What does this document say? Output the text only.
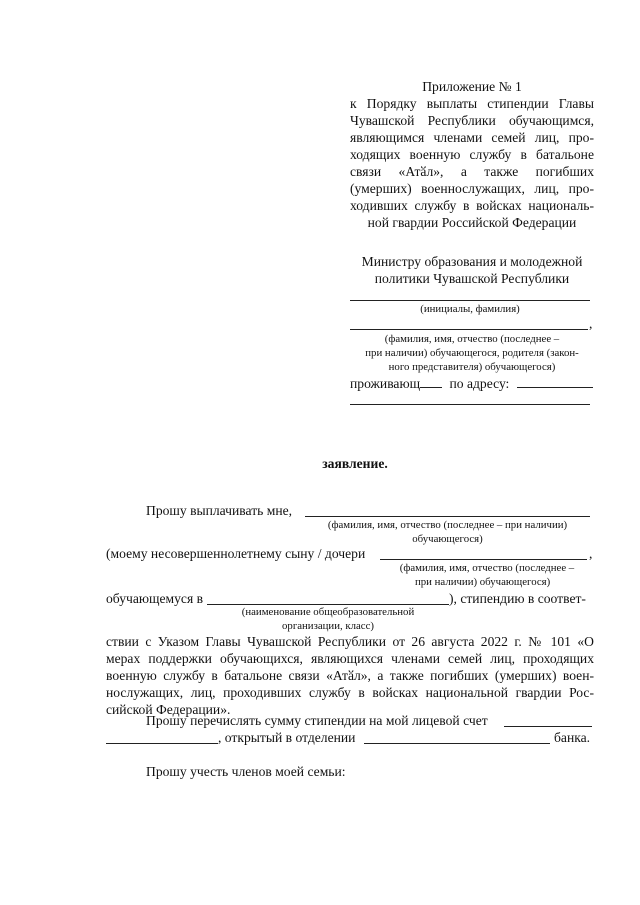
Приложение № 1
к Порядку выплаты стипендии Главы
Чувашской Республики обучающимся,
являющимся членами семей лиц, про-
ходящих военную службу в батальоне
связи «Атӑл», а также погибших
(умерших) военнослужащих, лиц, про-
ходивших службу в войсках националь-
ной гвардии Российской Федерации
Министру образования и молодежной
политики Чувашской Республики
(инициалы, фамилия)
,
(фамилия, имя, отчество (последнее –
при наличии) обучающегося, родителя (закон-
ного представителя) обучающегося)
проживающ по адресу:
заявление.
Прошу выплачивать мне,
(фамилия, имя, отчество (последнее – при наличии)
обучающегося)
(моему несовершеннолетнему сыну / дочери	,
(фамилия, имя, отчество (последнее –
при наличии) обучающегося)
обучающемуся в	), стипендию в соответ-
(наименование общеобразовательной
организации, класс)
ствии с Указом Главы Чувашской Республики от 26 августа 2022 г. № 101 «О
мерах поддержки обучающихся, являющихся членами семей лиц, проходящих
военную службу в батальоне связи «Атӑл», а также погибших (умерших) воен-
нослужащих, лиц, проходивших службу в войсках национальной гвардии Рос-
сийской Федерации».
Прошу перечислять сумму стипендии на мой лицевой счет
, открытый в отделении	банка.
Прошу учесть членов моей семьи:
